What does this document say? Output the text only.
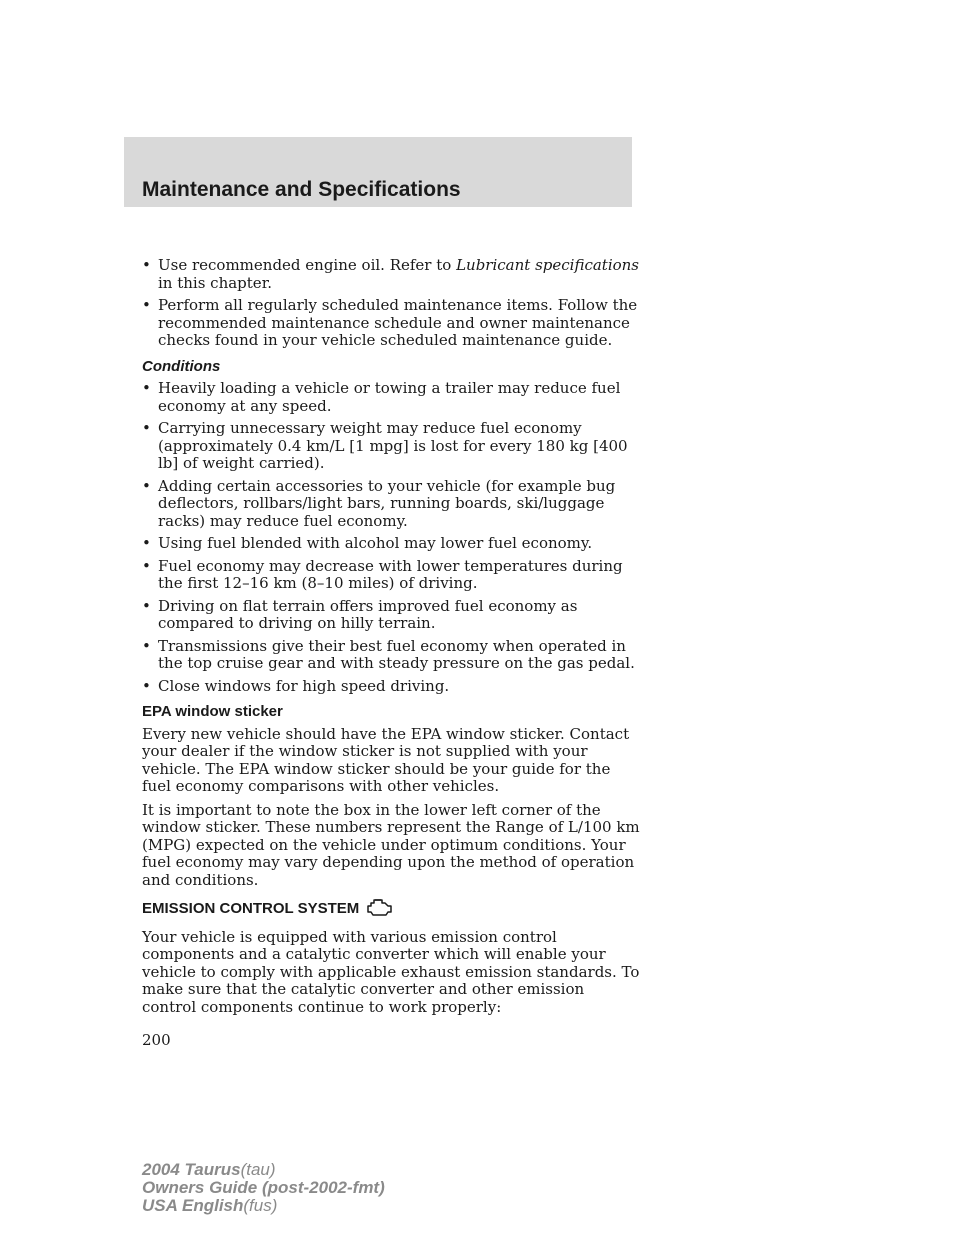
Maintenance and Specifications
• Use recommended engine oil. Refer to Lubricant specifications in this chapter.
• Perform all regularly scheduled maintenance items. Follow the recommended maintenance schedule and owner maintenance checks found in your vehicle scheduled maintenance guide.
Conditions
• Heavily loading a vehicle or towing a trailer may reduce fuel economy at any speed.
• Carrying unnecessary weight may reduce fuel economy (approximately 0.4 km/L [1 mpg] is lost for every 180 kg [400 lb] of weight carried).
• Adding certain accessories to your vehicle (for example bug deflectors, rollbars/light bars, running boards, ski/luggage racks) may reduce fuel economy.
• Using fuel blended with alcohol may lower fuel economy.
• Fuel economy may decrease with lower temperatures during the first 12–16 km (8–10 miles) of driving.
• Driving on flat terrain offers improved fuel economy as compared to driving on hilly terrain.
• Transmissions give their best fuel economy when operated in the top cruise gear and with steady pressure on the gas pedal.
• Close windows for high speed driving.
EPA window sticker

Every new vehicle should have the EPA window sticker. Contact your dealer if the window sticker is not supplied with your vehicle. The EPA window sticker should be your guide for the fuel economy comparisons with other vehicles.

It is important to note the box in the lower left corner of the window sticker. These numbers represent the Range of L/100 km (MPG) expected on the vehicle under optimum conditions. Your fuel economy may vary depending upon the method of operation and conditions.

EMISSION CONTROL SYSTEM

Your vehicle is equipped with various emission control components and a catalytic converter which will enable your vehicle to comply with applicable exhaust emission standards. To make sure that the catalytic converter and other emission control components continue to work properly:

200
2004 Taurus(tau)
Owners Guide (post-2002-fmt)
USA English(fus)
